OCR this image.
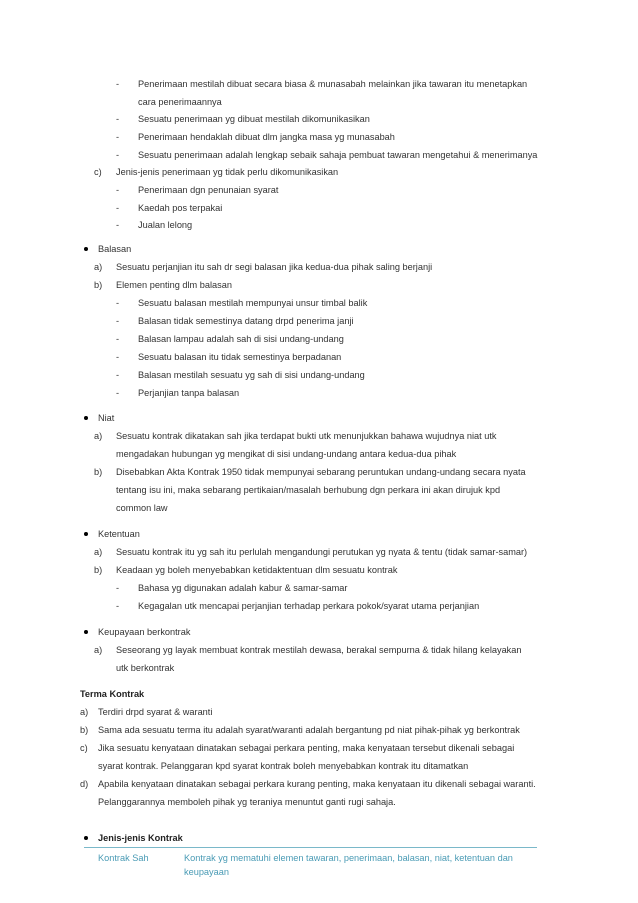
- Penerimaan mestilah dibuat secara biasa & munasabah melainkan jika tawaran itu menetapkan
cara penerimaannya
- Sesuatu penerimaan yg dibuat mestilah dikomunikasikan
- Penerimaan hendaklah dibuat dlm jangka masa yg munasabah
- Sesuatu penerimaan adalah lengkap sebaik sahaja pembuat tawaran mengetahui & menerimanya
c) Jenis-jenis penerimaan yg tidak perlu dikomunikasikan
- Penerimaan dgn penunaian syarat
- Kaedah pos terpakai
- Jualan lelong
Balasan
a) Sesuatu perjanjian itu sah dr segi balasan jika kedua-dua pihak saling berjanji
b) Elemen penting dlm balasan
- Sesuatu balasan mestilah mempunyai unsur timbal balik
- Balasan tidak semestinya datang drpd penerima janji
- Balasan lampau adalah sah di sisi undang-undang
- Sesuatu balasan itu tidak semestinya berpadanan
- Balasan mestilah sesuatu yg sah di sisi undang-undang
- Perjanjian tanpa balasan
Niat
a) Sesuatu kontrak dikatakan sah jika terdapat bukti utk menunjukkan bahawa wujudnya niat utk
mengadakan hubungan yg mengikat di sisi undang-undang antara kedua-dua pihak
b) Disebabkan Akta Kontrak 1950 tidak mempunyai sebarang peruntukan undang-undang secara nyata
tentang isu ini, maka sebarang pertikaian/masalah berhubung dgn perkara ini akan dirujuk kpd
common law
Ketentuan
a) Sesuatu kontrak itu yg sah itu perlulah mengandungi perutukan yg nyata & tentu (tidak samar-samar)
b) Keadaan yg boleh menyebabkan ketidaktentuan dlm sesuatu kontrak
- Bahasa yg digunakan adalah kabur & samar-samar
- Kegagalan utk mencapai perjanjian terhadap perkara pokok/syarat utama perjanjian
Keupayaan berkontrak
a) Seseorang yg layak membuat kontrak mestilah dewasa, berakal sempurna & tidak hilang kelayakan
utk berkontrak
Terma Kontrak
a) Terdiri drpd syarat & waranti
b) Sama ada sesuatu terma itu adalah syarat/waranti adalah bergantung pd niat pihak-pihak yg berkontrak
c) Jika sesuatu kenyataan dinatakan sebagai perkara penting, maka kenyataan tersebut dikenali sebagai
syarat kontrak. Pelanggaran kpd syarat kontrak boleh menyebabkan kontrak itu ditamatkan
d) Apabila kenyataan dinatakan sebagai perkara kurang penting, maka kenyataan itu dikenali sebagai waranti.
Pelanggarannya memboleh pihak yg teraniya menuntut ganti rugi sahaja.
Jenis-jenis Kontrak
Kontrak Sah	Kontrak yg mematuhi elemen tawaran, penerimaan, balasan, niat, ketentuan dan
keupayaan
